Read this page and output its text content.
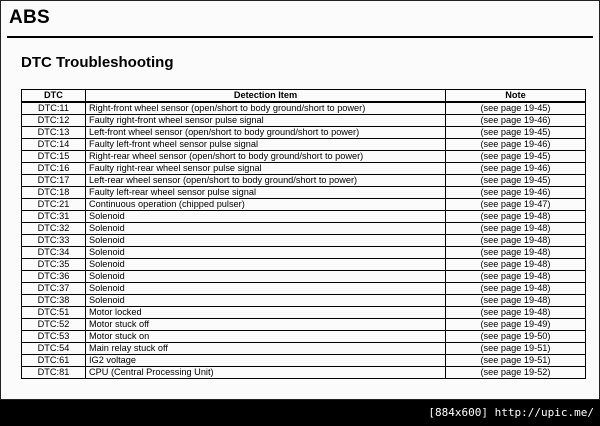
ABS
DTC Troubleshooting
DTC	Detection Item	Note
DTC:11	Right-front wheel sensor (open/short to body ground/short to power)	(see page 19-45)
DTC:12	Faulty right-front wheel sensor pulse signal	(see page 19-46)
DTC:13	Left-front wheel sensor (open/short to body ground/short to power)	(see page 19-45)
DTC:14	Faulty left-front wheel sensor pulse signal	(see page 19-46)
DTC:15	Right-rear wheel sensor (open/short to body ground/short to power)	(see page 19-45)
DTC:16	Faulty right-rear wheel sensor pulse signal	(see page 19-46)
DTC:17	Left-rear wheel sensor (open/short to body ground/short to power)	(see page 19-45)
DTC:18	Faulty left-rear wheel sensor pulse signal	(see page 19-46)
DTC:21	Continuous operation (chipped pulser)	(see page 19-47)
DTC:31	Solenoid	(see page 19-48)
DTC:32	Solenoid	(see page 19-48)
DTC:33	Solenoid	(see page 19-48)
DTC:34	Solenoid	(see page 19-48)
DTC:35	Solenoid	(see page 19-48)
DTC:36	Solenoid	(see page 19-48)
DTC:37	Solenoid	(see page 19-48)
DTC:38	Solenoid	(see page 19-48)
DTC:51	Motor locked	(see page 19-48)
DTC:52	Motor stuck off	(see page 19-49)
DTC:53	Motor stuck on	(see page 19-50)
DTC:54	Main relay stuck off	(see page 19-51)
DTC:61	IG2 voltage	(see page 19-51)
DTC:81	CPU (Central Processing Unit)	(see page 19-52)
[884x600] http://upic.me/
